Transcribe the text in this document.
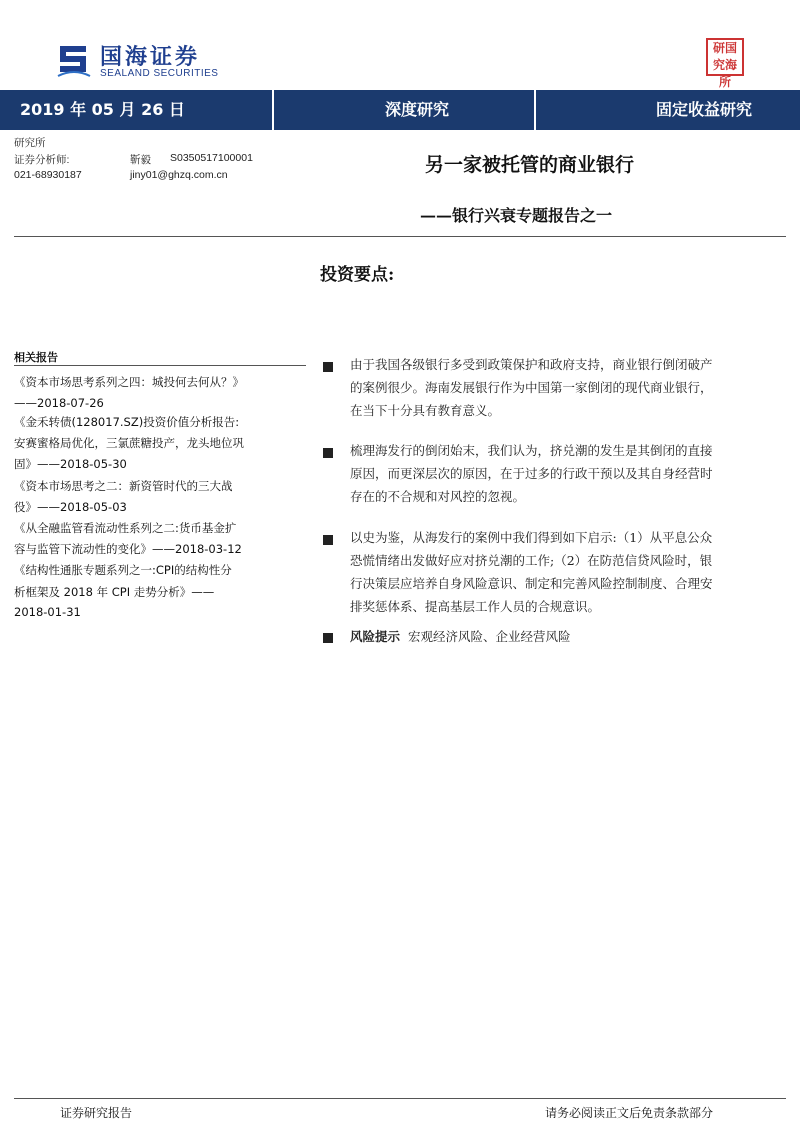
国海证券
SEALAND SECURITIES
研国究海所
2019 年 05 月 26 日	深度研究	固定收益研究
研究所
证券分析师:	靳毅 S0350517100001
021-68930187	jiny01@ghzq.com.cn	另一家被托管的商业银行
——银行兴衰专题报告之一
投资要点:
相关报告
《资本市场思考系列之四：城投何去何从？》
——2018-07-26
《金禾转债(128017.SZ)投资价值分析报告:
安赛蜜格局优化，三氯蔗糖投产，龙头地位巩
固》——2018-05-30
《资本市场思考之二：新资管时代的三大战
役》——2018-05-03
《从全融监管看流动性系列之二:货币基金扩
容与监管下流动性的变化》——2018-03-12
《结构性通胀专题系列之一:CPI的结构性分
析框架及 2018 年 CPI 走势分析》——
2018-01-31
由于我国各级银行多受到政策保护和政府支持，商业银行倒闭破产
的案例很少。海南发展银行作为中国第一家倒闭的现代商业银行，
在当下十分具有教育意义。
梳理海发行的倒闭始末，我们认为，挤兑潮的发生是其倒闭的直接
原因，而更深层次的原因，在于过多的行政干预以及其自身经营时
存在的不合规和对风控的忽视。
以史为鉴，从海发行的案例中我们得到如下启示:（1）从平息公众
恐慌情绪出发做好应对挤兑潮的工作;（2）在防范信贷风险时，银
行决策层应培养自身风险意识、制定和完善风险控制制度、合理安
排奖惩体系、提高基层工作人员的合规意识。
风险提示 宏观经济风险、企业经营风险
证券研究报告	请务必阅读正文后免责条款部分
